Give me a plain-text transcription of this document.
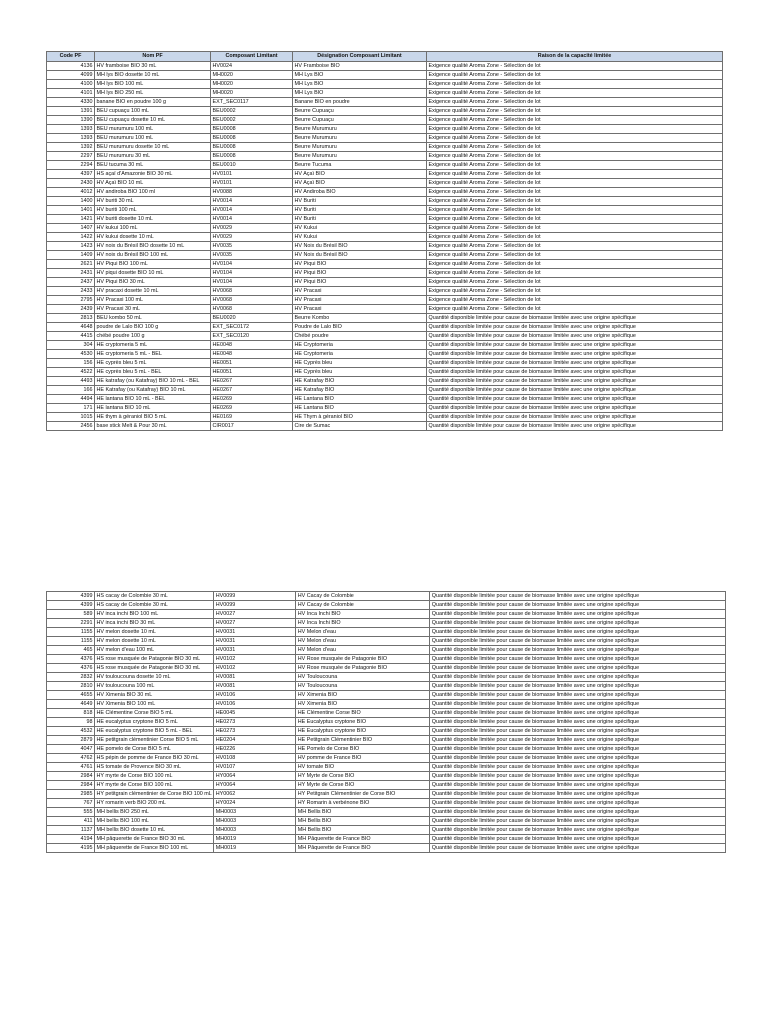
Code PF	Nom PF	Composant Limitant	Désignation Composant Limitant	Raison de la capacité limitée
4136	HV framboise BIO 30 mL	HV0024	HV Framboise BIO	Exigence qualité Aroma Zone - Sélection de lot
4099	MH lys BIO dosette 10 mL	MH0020	MH Lys BIO	Exigence qualité Aroma Zone - Sélection de lot
4100	MH lys BIO 100 mL	MH0020	MH Lys BIO	Exigence qualité Aroma Zone - Sélection de lot
4101	MH lys BIO 250 mL	MH0020	MH Lys BIO	Exigence qualité Aroma Zone - Sélection de lot
4330	banane BIO en poudre 100 g	EXT_SEC0117	Banane BIO en poudre	Exigence qualité Aroma Zone - Sélection de lot
1391	BEU cupuaçu 100 mL	BEU0002	Beurre Cupuaçu	Exigence qualité Aroma Zone - Sélection de lot
1390	BEU cupuaçu dosette 10 mL	BEU0002	Beurre Cupuaçu	Exigence qualité Aroma Zone - Sélection de lot
1393	BEU murumuru 100 mL	BEU0008	Beurre Murumuru	Exigence qualité Aroma Zone - Sélection de lot
1393	BEU murumuru 100 mL	BEU0008	Beurre Murumuru	Exigence qualité Aroma Zone - Sélection de lot
1392	BEU murumuru dosette 10 mL	BEU0008	Beurre Murumuru	Exigence qualité Aroma Zone - Sélection de lot
2297	BEU murumuru 30 mL	BEU0008	Beurre Murumuru	Exigence qualité Aroma Zone - Sélection de lot
2294	BEU tucuma 30 mL	BEU0010	Beurre Tucuma	Exigence qualité Aroma Zone - Sélection de lot
4397	HS açaï d'Amazonie BIO 30 mL	HV0101	HV Açaï BIO	Exigence qualité Aroma Zone - Sélection de lot
2430	HV Açaï BIO 10 mL	HV0101	HV Açaï BIO	Exigence qualité Aroma Zone - Sélection de lot
4012	HV andiroba BIO 100 ml	HV0088	HV Andiroba BIO	Exigence qualité Aroma Zone - Sélection de lot
1400	HV buriti 30 mL	HV0014	HV Buriti	Exigence qualité Aroma Zone - Sélection de lot
1401	HV buriti 100 mL	HV0014	HV Buriti	Exigence qualité Aroma Zone - Sélection de lot
1421	HV buriti dosette 10 mL	HV0014	HV Buriti	Exigence qualité Aroma Zone - Sélection de lot
1407	HV kukui 100 mL	HV0029	HV Kukui	Exigence qualité Aroma Zone - Sélection de lot
1422	HV kukui dosette 10 mL	HV0029	HV Kukui	Exigence qualité Aroma Zone - Sélection de lot
1423	HV noix du Brésil BIO dosette 10 mL	HV0035	HV Noix du Brésil BIO	Exigence qualité Aroma Zone - Sélection de lot
1409	HV noix du Brésil BIO 100 mL	HV0035	HV Noix du Brésil BIO	Exigence qualité Aroma Zone - Sélection de lot
2621	HV Piqui BIO 100 mL	HV0104	HV Piqui BIO	Exigence qualité Aroma Zone - Sélection de lot
2431	HV piqui dosette BIO 10 mL	HV0104	HV Piqui BIO	Exigence qualité Aroma Zone - Sélection de lot
2437	HV Piqui BIO 30 mL	HV0104	HV Piqui BIO	Exigence qualité Aroma Zone - Sélection de lot
2433	HV pracaxi dosette 10 mL	HV0068	HV Pracaxi	Exigence qualité Aroma Zone - Sélection de lot
2795	HV Pracaxi 100 mL	HV0068	HV Pracaxi	Exigence qualité Aroma Zone - Sélection de lot
2439	HV Pracaxi 30 mL	HV0068	HV Pracaxi	Exigence qualité Aroma Zone - Sélection de lot
2813	BEU kombo 50 mL	BEU0020	Beurre Kombo	Quantité disponible limitée pour cause de biomasse limitée avec une origine spécifique
4648	poudre de Lalo BIO 100 g	EXT_SEC0172	Poudre de Lalo BIO	Quantité disponible limitée pour cause de biomasse limitée avec une origine spécifique
4415	chébé poudre 100 g	EXT_SEC0120	Chébé poudre	Quantité disponible limitée pour cause de biomasse limitée avec une origine spécifique
304	HE cryptomeria 5 mL	HE0048	HE Cryptomeria	Quantité disponible limitée pour cause de biomasse limitée avec une origine spécifique
4530	HE cryptomeria 5 mL - BEL	HE0048	HE Cryptomeria	Quantité disponible limitée pour cause de biomasse limitée avec une origine spécifique
156	HE cyprès bleu 5 mL	HE0051	HE Cyprès bleu	Quantité disponible limitée pour cause de biomasse limitée avec une origine spécifique
4522	HE cyprès bleu 5 mL - BEL	HE0051	HE Cyprès bleu	Quantité disponible limitée pour cause de biomasse limitée avec une origine spécifique
4493	HE katrafay (ou Katafray) BIO 10 mL - BEL	HE0267	HE Katrafay BIO	Quantité disponible limitée pour cause de biomasse limitée avec une origine spécifique
166	HE Katrafay (ou Katafray) BIO 10 mL	HE0267	HE Katrafay BIO	Quantité disponible limitée pour cause de biomasse limitée avec une origine spécifique
4494	HE lantana BIO 10 mL - BEL	HE0269	HE Lantana BIO	Quantité disponible limitée pour cause de biomasse limitée avec une origine spécifique
171	HE lantana BIO 10 mL	HE0269	HE Lantana BIO	Quantité disponible limitée pour cause de biomasse limitée avec une origine spécifique
1015	HE thym à géraniol BIO 5 mL	HE0169	HE Thym à géraniol BIO	Quantité disponible limitée pour cause de biomasse limitée avec une origine spécifique
2456	base stick Melt & Pour 30 mL	CIR0017	Cire de Sumac	Quantité disponible limitée pour cause de biomasse limitée avec une origine spécifique
4399	HS cacay de Colombie 30 mL	HV0099	HV Cacay de Colombie	Quantité disponible limitée pour cause de biomasse limitée avec une origine spécifique
4399	HS cacay de Colombie 30 mL	HV0099	HV Cacay de Colombie	Quantité disponible limitée pour cause de biomasse limitée avec une origine spécifique
589	HV inca inchi BIO 100 mL	HV0027	HV Inca Inchi BIO	Quantité disponible limitée pour cause de biomasse limitée avec une origine spécifique
2291	HV inca inchi BIO 30 mL	HV0027	HV Inca Inchi BIO	Quantité disponible limitée pour cause de biomasse limitée avec une origine spécifique
1155	HV melon dosette 10 mL	HV0031	HV Melon d'eau	Quantité disponible limitée pour cause de biomasse limitée avec une origine spécifique
1155	HV melon dosette 10 mL	HV0031	HV Melon d'eau	Quantité disponible limitée pour cause de biomasse limitée avec une origine spécifique
465	HV melon d'eau 100 mL	HV0031	HV Melon d'eau	Quantité disponible limitée pour cause de biomasse limitée avec une origine spécifique
4376	HS rose musquée de Patagonie BIO 30 mL	HV0102	HV Rose musquée de Patagonie BIO	Quantité disponible limitée pour cause de biomasse limitée avec une origine spécifique
4376	HS rose musquée de Patagonie BIO 30 mL	HV0102	HV Rose musquée de Patagonie BIO	Quantité disponible limitée pour cause de biomasse limitée avec une origine spécifique
2832	HV touloucouna dosette 10 mL	HV0081	HV Touloucouna	Quantité disponible limitée pour cause de biomasse limitée avec une origine spécifique
2810	HV touloucouna 100 mL	HV0081	HV Touloucouna	Quantité disponible limitée pour cause de biomasse limitée avec une origine spécifique
4655	HV Ximenia BIO 30 mL	HV0106	HV Ximenia BIO	Quantité disponible limitée pour cause de biomasse limitée avec une origine spécifique
4649	HV Ximenia BIO 100 mL	HV0106	HV Ximenia BIO	Quantité disponible limitée pour cause de biomasse limitée avec une origine spécifique
818	HE Clémentine Corse BIO 5 mL	HE0045	HE Clémentine Corse BIO	Quantité disponible limitée pour cause de biomasse limitée avec une origine spécifique
98	HE eucalyptus cryptone BIO 5 mL	HE0273	HE Eucalyptus cryptone BIO	Quantité disponible limitée pour cause de biomasse limitée avec une origine spécifique
4532	HE eucalyptus cryptone BIO 5 mL - BEL	HE0273	HE Eucalyptus cryptone BIO	Quantité disponible limitée pour cause de biomasse limitée avec une origine spécifique
2879	HE petitgrain clémentinier Corse BIO 5 mL	HE0204	HE Petitgrain Clémentinier BIO	Quantité disponible limitée pour cause de biomasse limitée avec une origine spécifique
4047	HE pomelo de Corse BIO 5 mL	HE0226	HE Pomelo de Corse BIO	Quantité disponible limitée pour cause de biomasse limitée avec une origine spécifique
4762	HS pépin de pomme de France BIO 30 mL	HV0108	HV pomme de France BIO	Quantité disponible limitée pour cause de biomasse limitée avec une origine spécifique
4761	HS tomate de Provence BIO 30 mL	HV0107	HV tomate BIO	Quantité disponible limitée pour cause de biomasse limitée avec une origine spécifique
2984	HY myrte de Corse BIO 100 mL	HY0064	HY Myrte de Corse BIO	Quantité disponible limitée pour cause de biomasse limitée avec une origine spécifique
2984	HY myrte de Corse BIO 100 mL	HY0064	HY Myrte de Corse BIO	Quantité disponible limitée pour cause de biomasse limitée avec une origine spécifique
2985	HY petitgrain clémentinier de Corse BIO 100 mL	HY0062	HY Petitgrain Clémentinier de Corse BIO	Quantité disponible limitée pour cause de biomasse limitée avec une origine spécifique
767	HY romarin verb BIO 200 mL	HY0024	HY Romarin à verbénone BIO	Quantité disponible limitée pour cause de biomasse limitée avec une origine spécifique
555	MH bellis BIO 250 mL	MH0003	MH Bellis BIO	Quantité disponible limitée pour cause de biomasse limitée avec une origine spécifique
411	MH bellis BIO 100 mL	MH0003	MH Bellis BIO	Quantité disponible limitée pour cause de biomasse limitée avec une origine spécifique
1137	MH bellis BIO dosette 10 mL	MH0003	MH Bellis BIO	Quantité disponible limitée pour cause de biomasse limitée avec une origine spécifique
4194	MH pâquerette de France BIO 30 mL	MH0019	MH Pâquerette de France BIO	Quantité disponible limitée pour cause de biomasse limitée avec une origine spécifique
4195	MH pâquerette de France BIO 100 mL	MH0019	MH Pâquerette de France BIO	Quantité disponible limitée pour cause de biomasse limitée avec une origine spécifique
